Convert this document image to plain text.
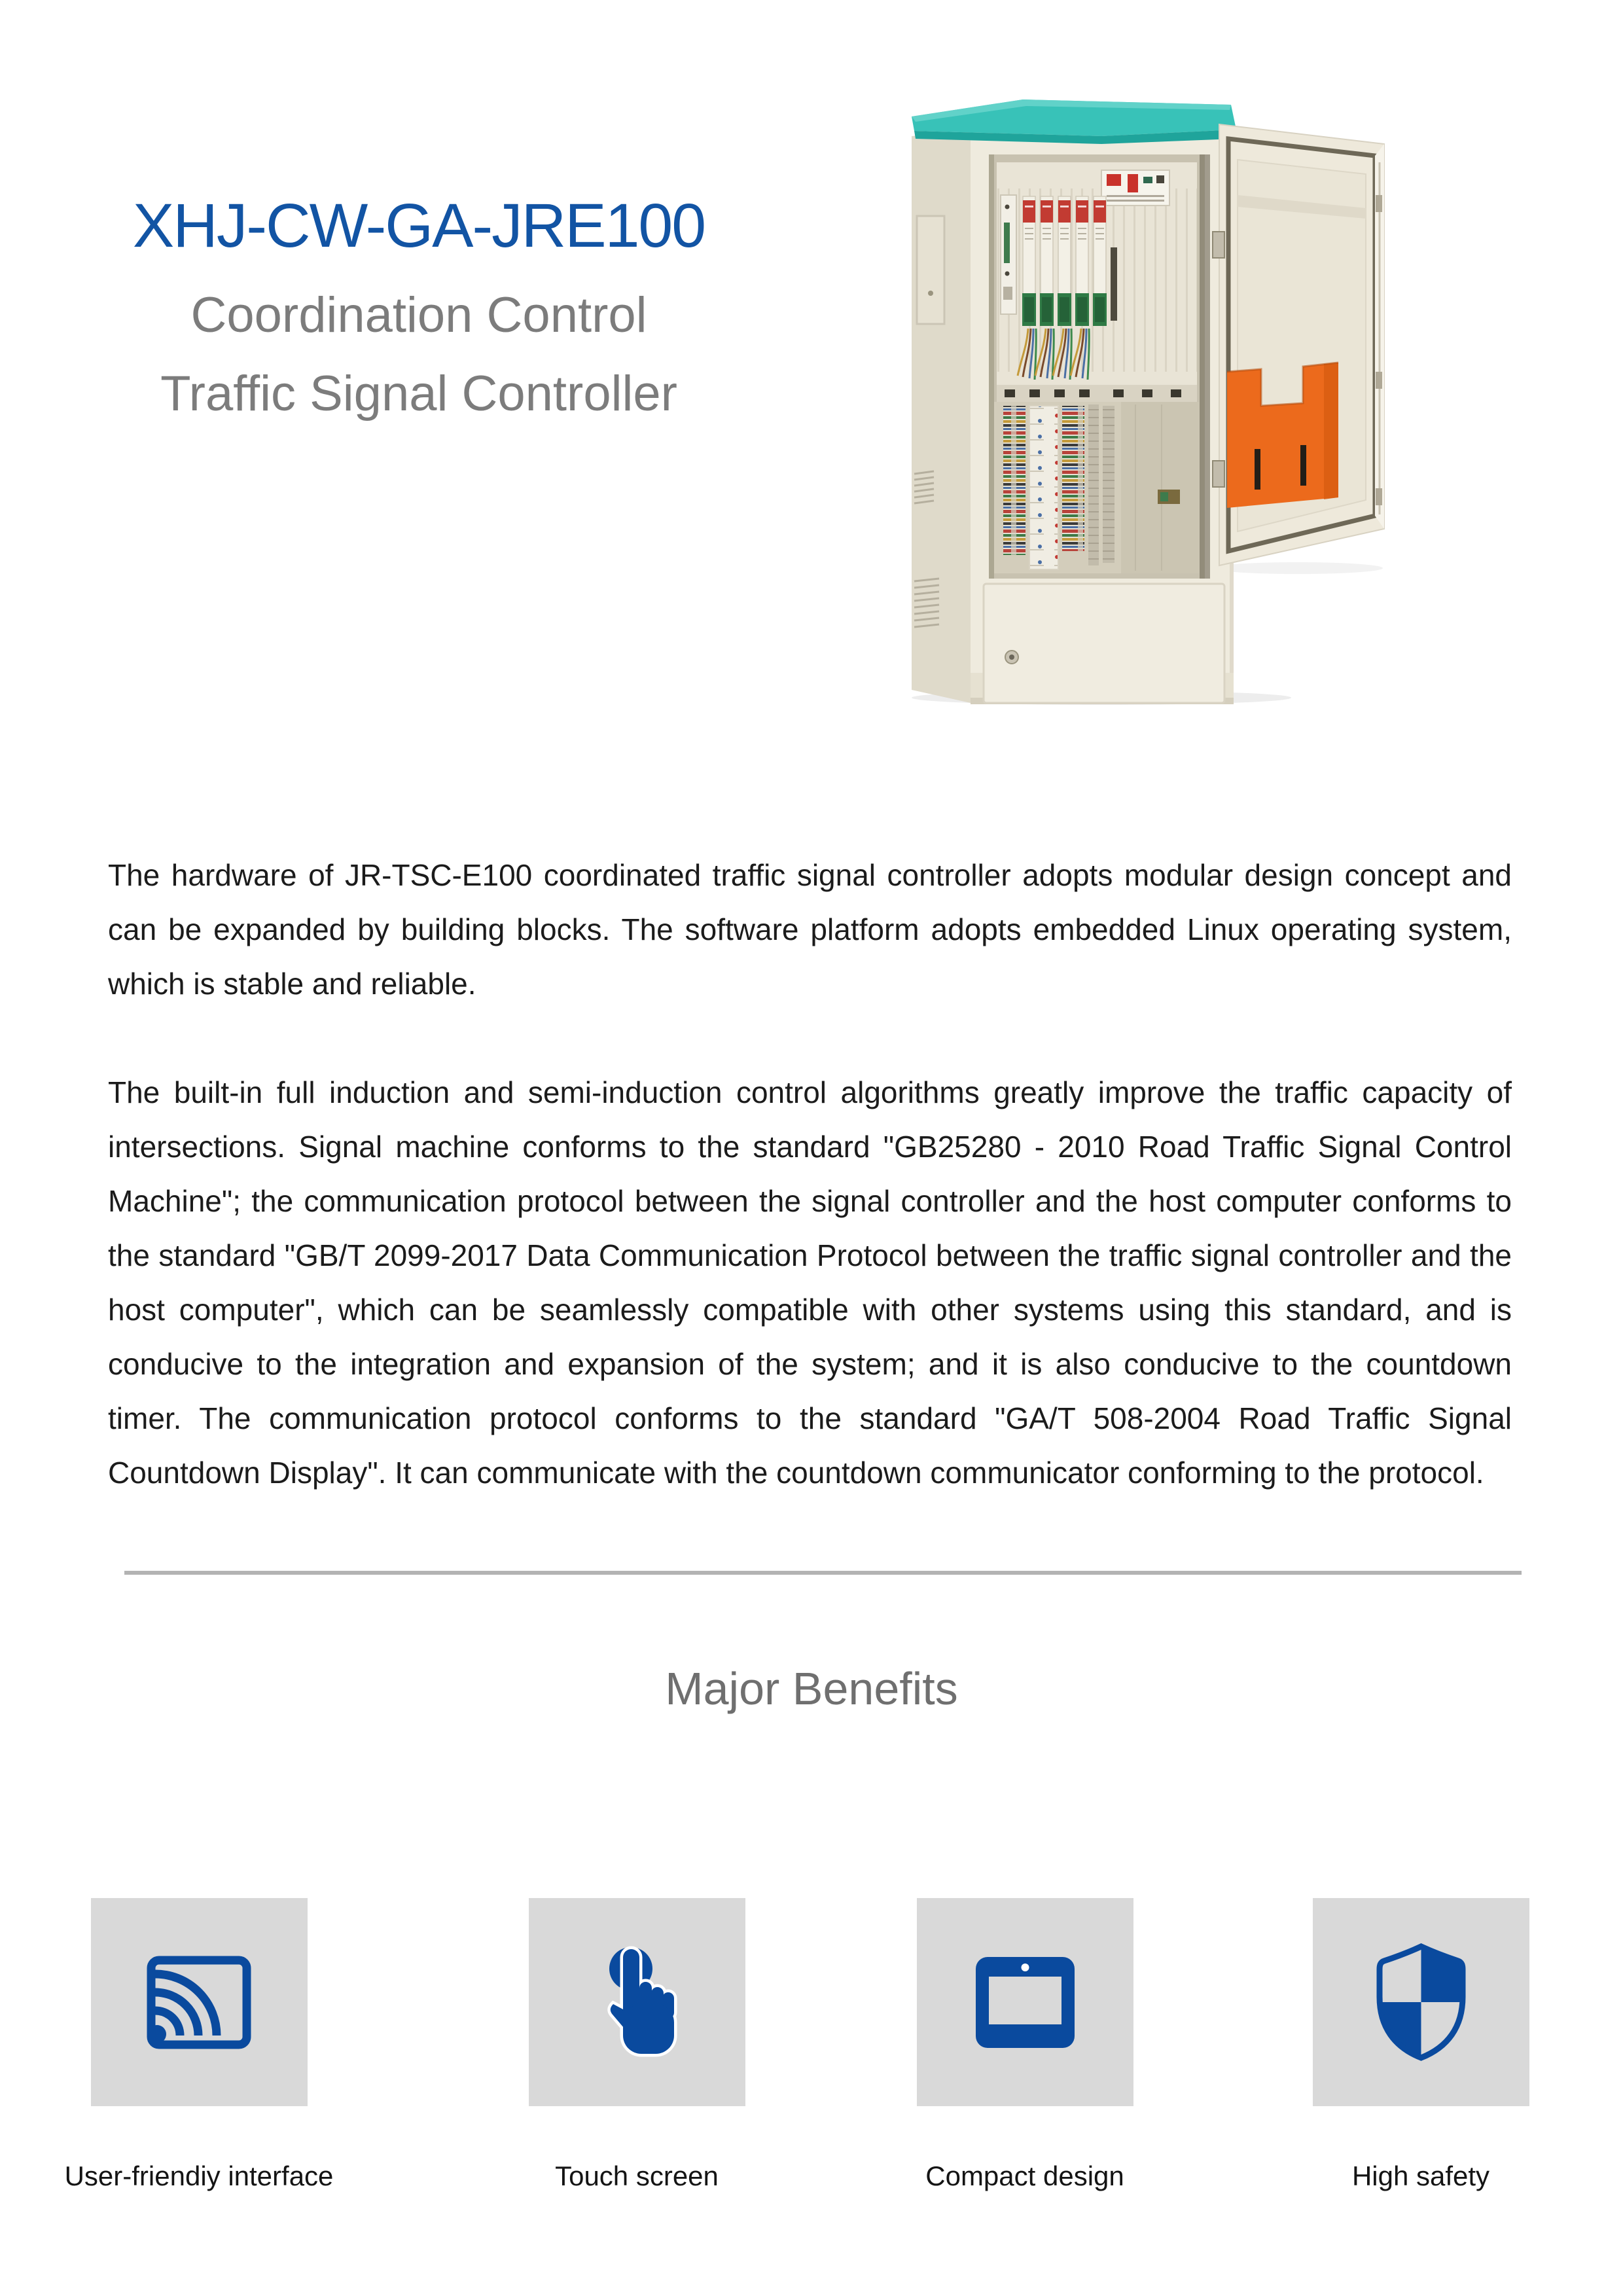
XHJ-CW-GA-JRE100
Coordination Control
Traffic Signal Controller

The hardware of JR-TSC-E100 coordinated traffic signal controller adopts modular design concept and can be expanded by building blocks. The software platform adopts embedded Linux operating system, which is stable and reliable.

The built-in full induction and semi-induction control algorithms greatly improve the traffic capacity of intersections. Signal machine conforms to the standard "GB25280 - 2010 Road Traffic Signal Control Machine"; the communication protocol between the signal controller and the host computer conforms to the standard "GB/T 2099-2017 Data Communication Protocol between the traffic signal controller and the host computer", which can be seamlessly compatible with other systems using this standard, and is conducive to the integration and expansion of the system; and it is also conducive to the countdown timer. The communication protocol conforms to the standard "GA/T 508-2004 Road Traffic Signal Countdown Display". It can communicate with the countdown communicator conforming to the protocol.

Major Benefits
User-friendiy interface	Touch screen	Compact design	High safety
